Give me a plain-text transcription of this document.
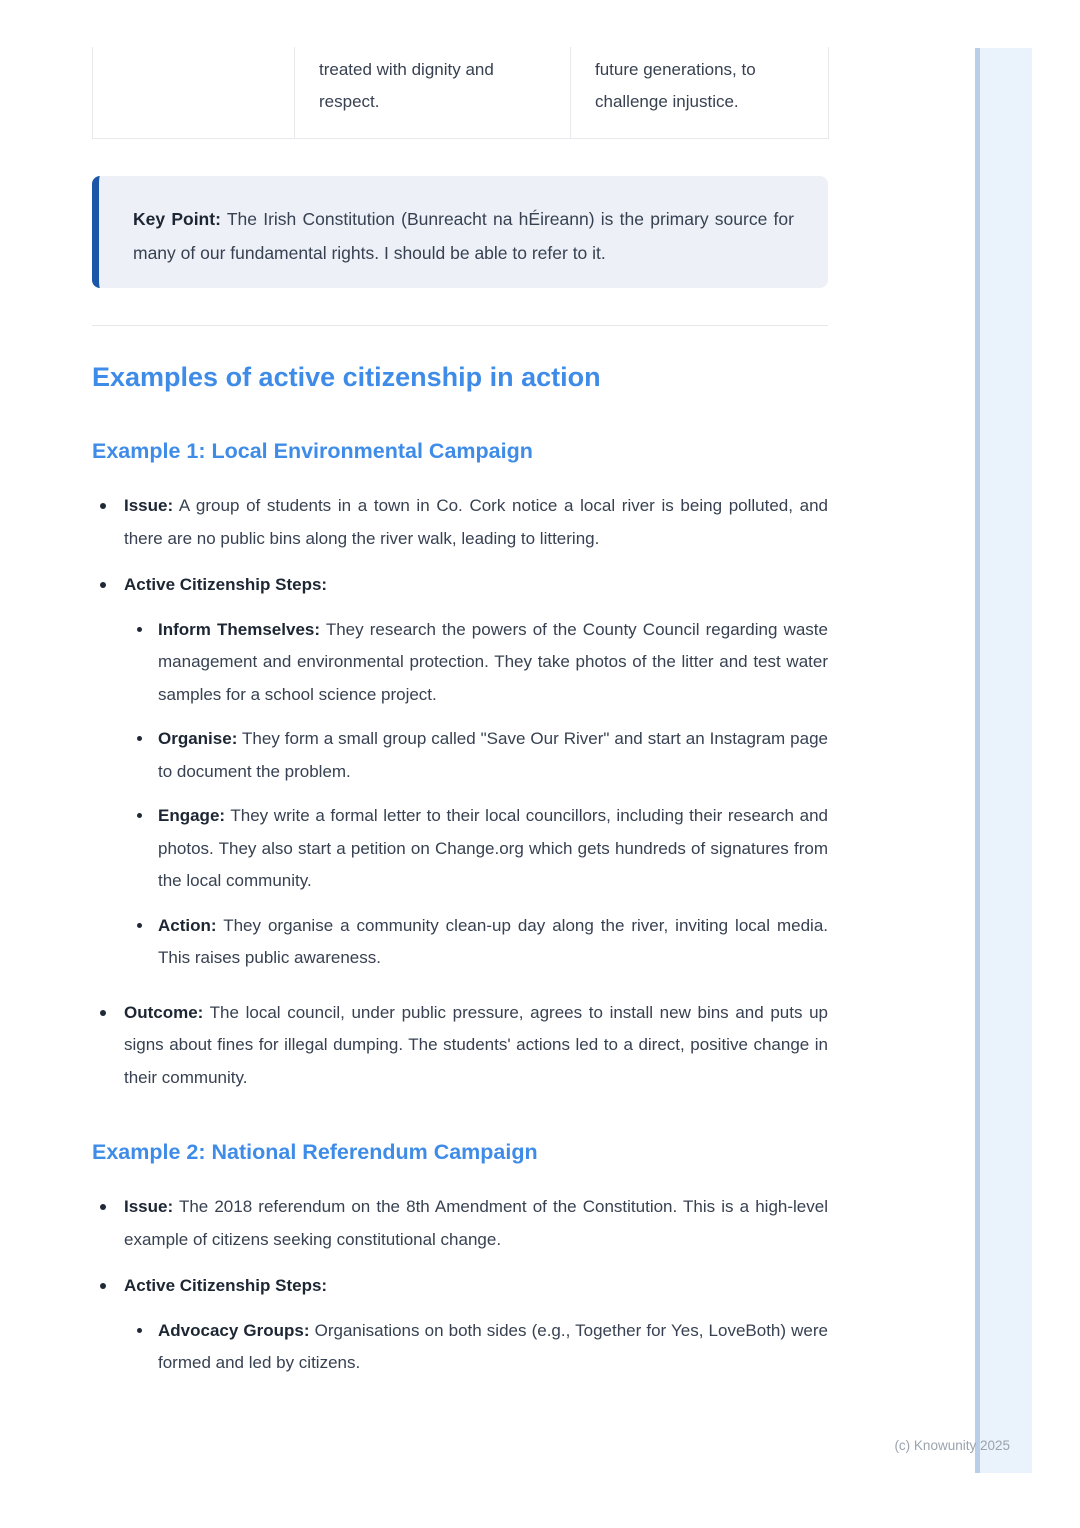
	treated with dignity and respect.	future generations, to challenge injustice.
Key Point: The Irish Constitution (Bunreacht na hÉireann) is the primary source for many of our fundamental rights. I should be able to refer to it.
Examples of active citizenship in action
Example 1: Local Environmental Campaign
Issue: A group of students in a town in Co. Cork notice a local river is being polluted, and there are no public bins along the river walk, leading to littering.
Active Citizenship Steps:
Inform Themselves: They research the powers of the County Council regarding waste management and environmental protection. They take photos of the litter and test water samples for a school science project.
Organise: They form a small group called "Save Our River" and start an Instagram page to document the problem.
Engage: They write a formal letter to their local councillors, including their research and photos. They also start a petition on Change.org which gets hundreds of signatures from the local community.
Action: They organise a community clean-up day along the river, inviting local media. This raises public awareness.
Outcome: The local council, under public pressure, agrees to install new bins and puts up signs about fines for illegal dumping. The students' actions led to a direct, positive change in their community.
Example 2: National Referendum Campaign
Issue: The 2018 referendum on the 8th Amendment of the Constitution. This is a high-level example of citizens seeking constitutional change.
Active Citizenship Steps:
Advocacy Groups: Organisations on both sides (e.g., Together for Yes, LoveBoth) were formed and led by citizens.
(c) Knowunity 2025
